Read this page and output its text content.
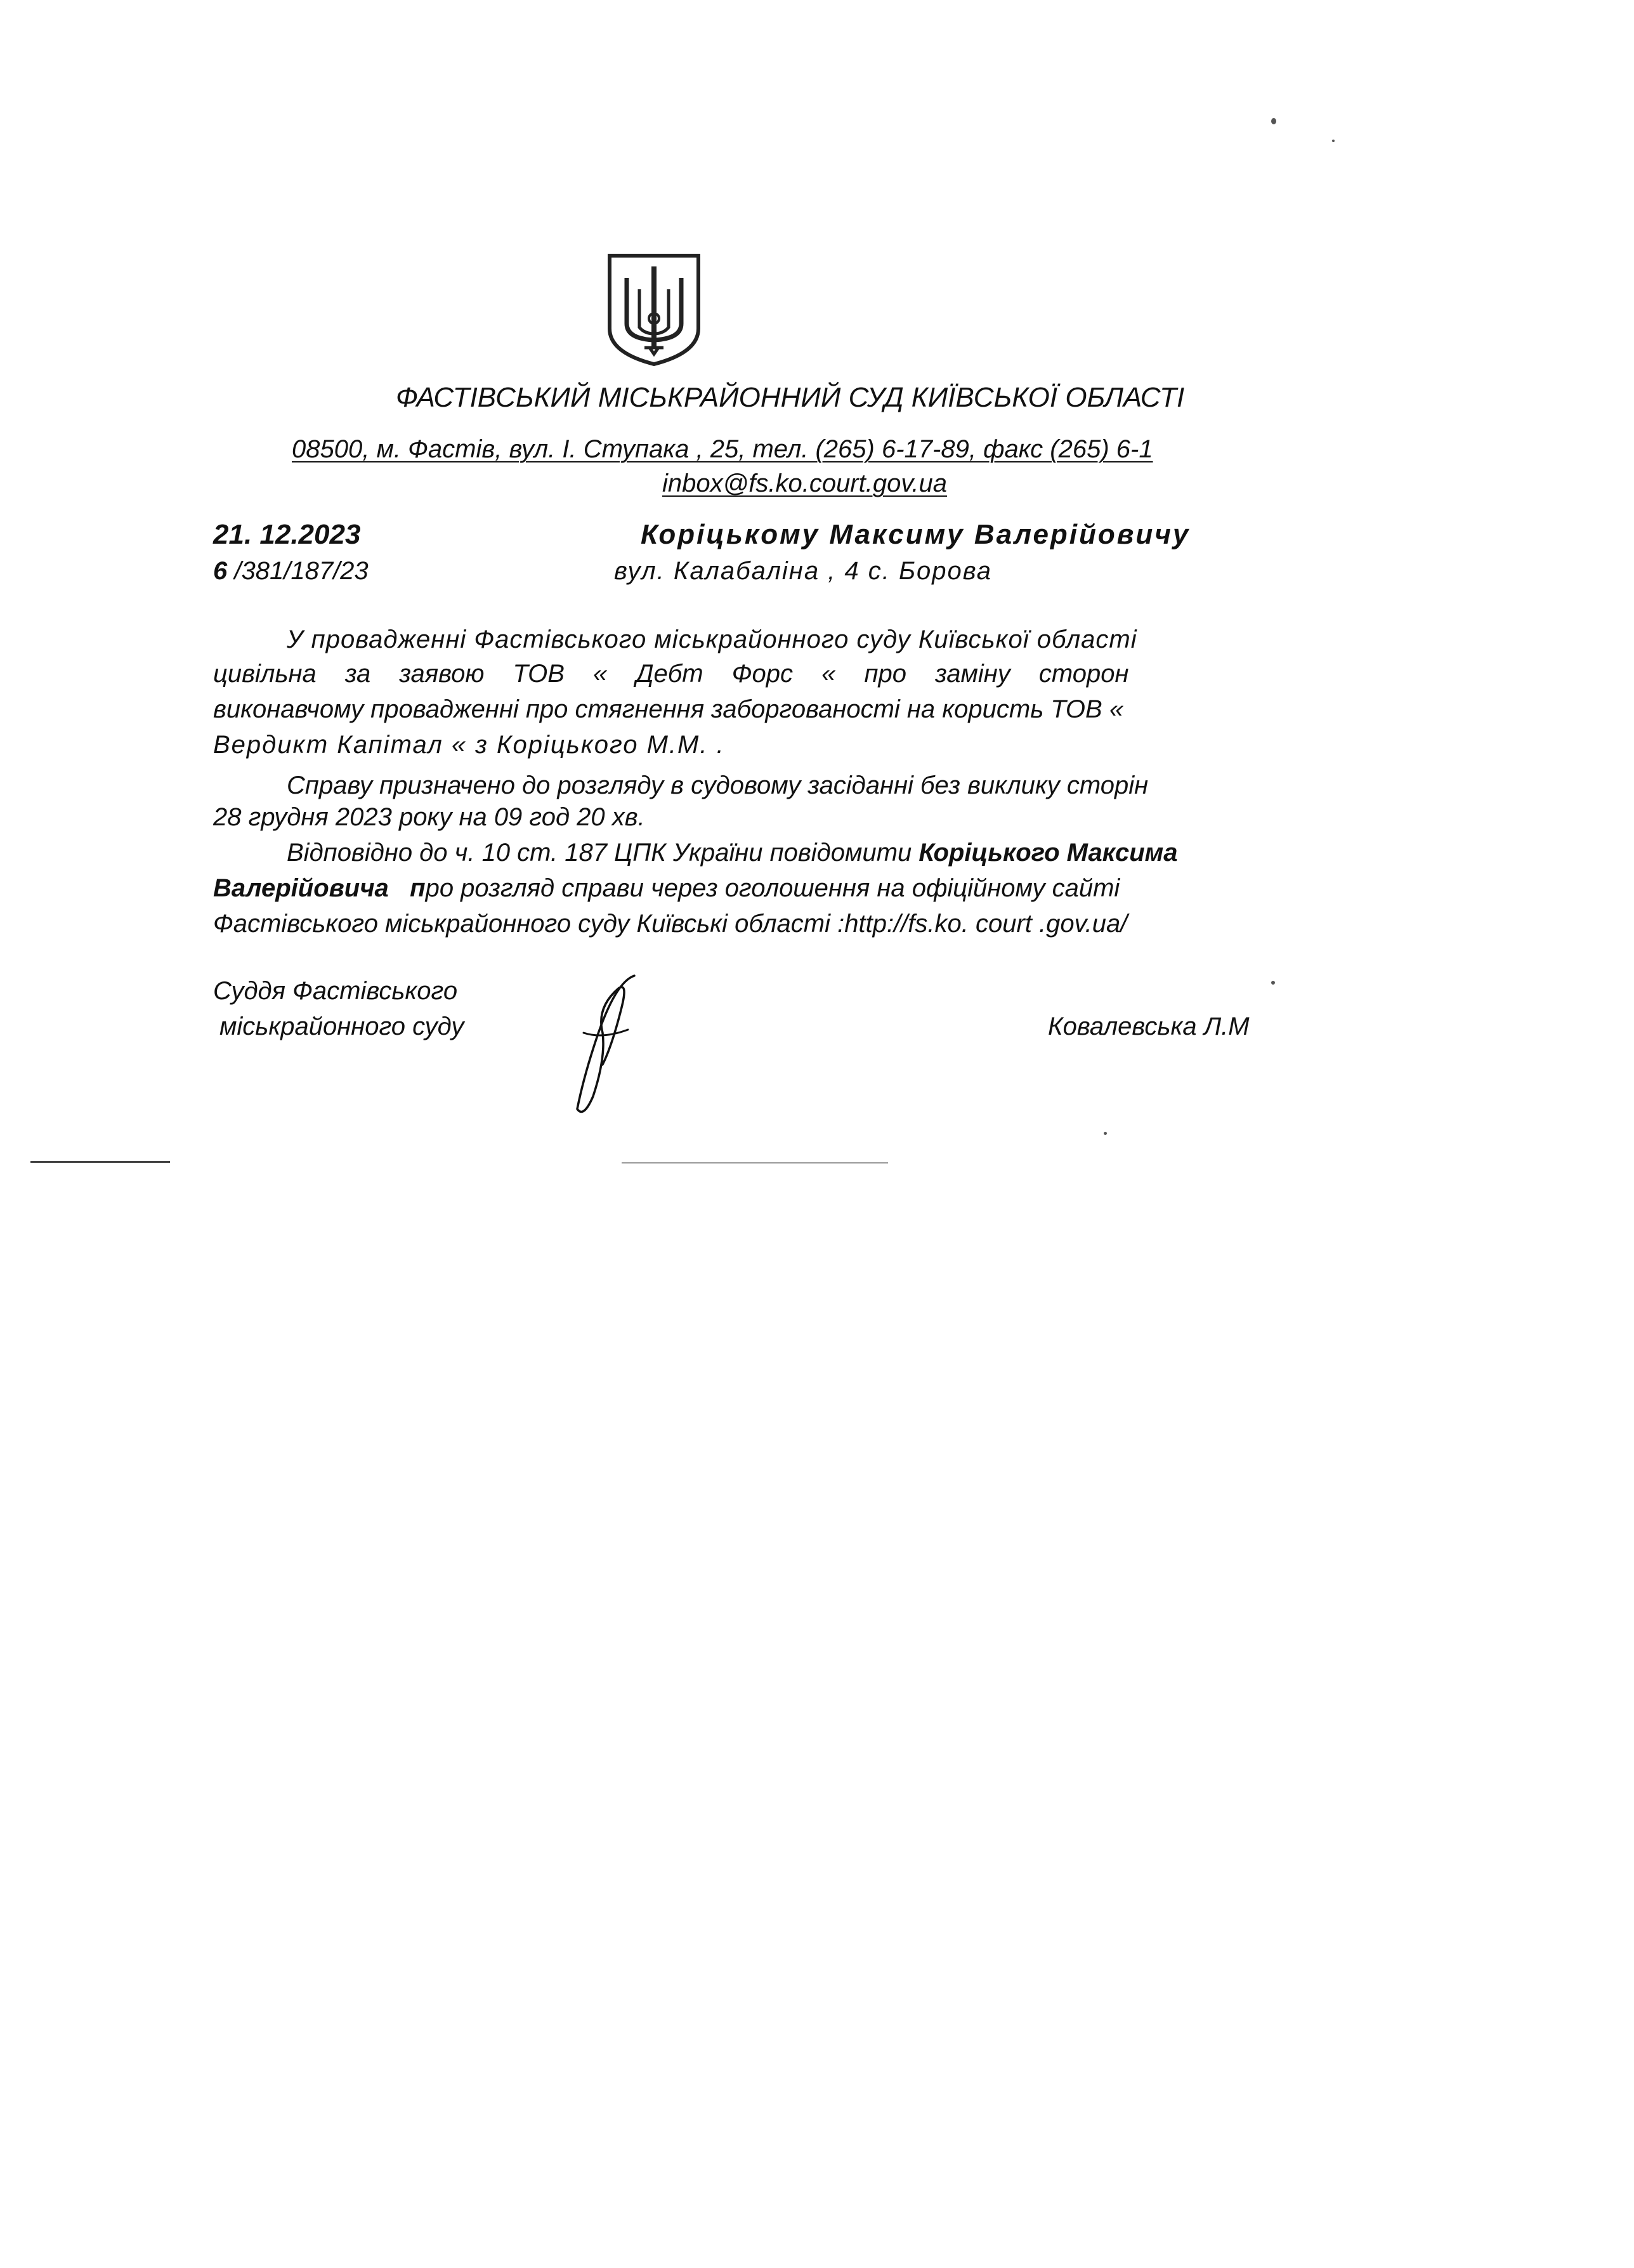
ФАСТІВСЬКИЙ МІСЬКРАЙОННИЙ СУД КИЇВСЬКОЇ ОБЛАСТІ
08500, м. Фастів, вул. І. Ступака , 25, тел. (265) 6-17-89, факс (265) 6-1
inbox@fs.ko.court.gov.ua
21. 12.2023
6 /381/187/23
Коріцькому Максиму Валерійовичу
вул. Калабаліна , 4 с. Борова
У провадженні Фастівського міськрайонного суду Київської області
цивільна за заявою ТОВ « Дебт Форс « про заміну сторон
виконавчому провадженні про стягнення заборгованості на користь ТОВ «
Вердикт Капітал « з Коріцького М.М. .
Справу призначено до розгляду в судовому засіданні без виклику сторін
28 грудня 2023 року на 09 год 20 хв.
Відповідно до ч. 10 ст. 187 ЦПК України повідомити Коріцького Максима
Валерійовича про розгляд справи через оголошення на офіційному сайті
Фастівського міськрайонного суду Київські області :http://fs.ko. court .gov.ua/
Суддя Фастівського
міськрайонного суду	Ковалевська Л.М
